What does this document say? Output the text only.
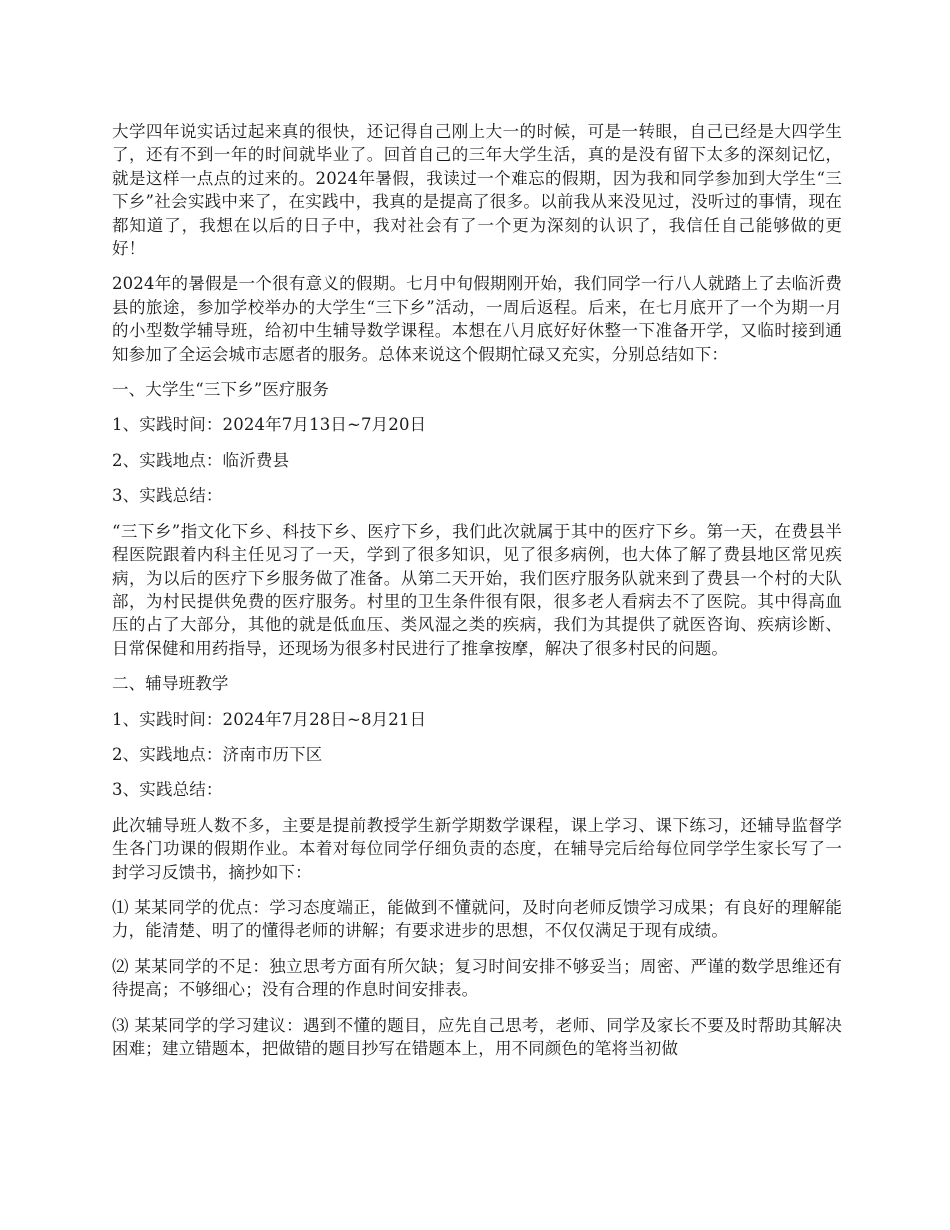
大学四年说实话过起来真的很快，还记得自己刚上大一的时候，可是一转眼，自己已经是大四学生了，还有不到一年的时间就毕业了。回首自己的三年大学生活，真的是没有留下太多的深刻记忆，就是这样一点点的过来的。2024年暑假，我读过一个难忘的假期，因为我和同学参加到大学生“三下乡”社会实践中来了，在实践中，我真的是提高了很多。以前我从来没见过，没听过的事情，现在都知道了，我想在以后的日子中，我对社会有了一个更为深刻的认识了，我信任自己能够做的更好！

2024年的暑假是一个很有意义的假期。七月中旬假期刚开始，我们同学一行八人就踏上了去临沂费县的旅途，参加学校举办的大学生“三下乡”活动，一周后返程。后来，在七月底开了一个为期一月的小型数学辅导班，给初中生辅导数学课程。本想在八月底好好休整一下准备开学，又临时接到通知参加了全运会城市志愿者的服务。总体来说这个假期忙碌又充实，分别总结如下：

一、大学生“三下乡”医疗服务

1、实践时间：2024年7月13日~7月20日

2、实践地点：临沂费县

3、实践总结：

“三下乡”指文化下乡、科技下乡、医疗下乡，我们此次就属于其中的医疗下乡。第一天，在费县半程医院跟着内科主任见习了一天，学到了很多知识，见了很多病例，也大体了解了费县地区常见疾病，为以后的医疗下乡服务做了准备。从第二天开始，我们医疗服务队就来到了费县一个村的大队部，为村民提供免费的医疗服务。村里的卫生条件很有限，很多老人看病去不了医院。其中得高血压的占了大部分，其他的就是低血压、类风湿之类的疾病，我们为其提供了就医咨询、疾病诊断、日常保健和用药指导，还现场为很多村民进行了推拿按摩，解决了很多村民的问题。

二、辅导班教学

1、实践时间：2024年7月28日~8月21日

2、实践地点：济南市历下区

3、实践总结：

此次辅导班人数不多，主要是提前教授学生新学期数学课程，课上学习、课下练习，还辅导监督学生各门功课的假期作业。本着对每位同学仔细负责的态度，在辅导完后给每位同学学生家长写了一封学习反馈书，摘抄如下：

⑴ 某某同学的优点：学习态度端正，能做到不懂就问，及时向老师反馈学习成果；有良好的理解能力，能清楚、明了的懂得老师的讲解；有要求进步的思想，不仅仅满足于现有成绩。

⑵ 某某同学的不足：独立思考方面有所欠缺；复习时间安排不够妥当；周密、严谨的数学思维还有待提高；不够细心；没有合理的作息时间安排表。

⑶ 某某同学的学习建议：遇到不懂的题目，应先自己思考，老师、同学及家长不要及时帮助其解决困难；建立错题本，把做错的题目抄写在错题本上，用不同颜色的笔将当初做
